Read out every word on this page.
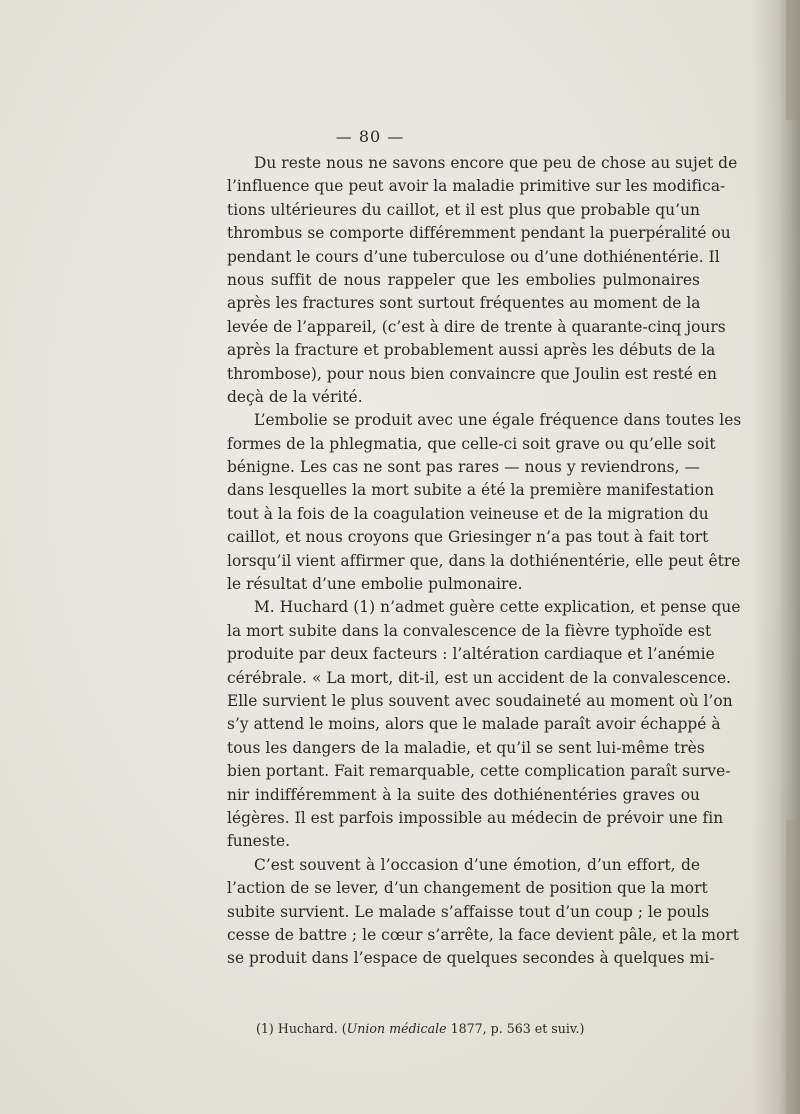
— 80 —
Du reste nous ne savons encore que peu de chose au sujet de
l’influence que peut avoir la maladie primitive sur les modifica-
tions ultérieures du caillot, et il est plus que probable qu’un
thrombus se comporte différemment pendant la puerpéralité ou
pendant le cours d’une tuberculose ou d’une dothiénentérie. Il
nous suffit de nous rappeler que les embolies pulmonaires
après les fractures sont surtout fréquentes au moment de la
levée de l’appareil, (c’est à dire de trente à quarante-cinq jours
après la fracture et probablement aussi après les débuts de la
thrombose), pour nous bien convaincre que Joulin est resté en
deçà de la vérité.
L’embolie se produit avec une égale fréquence dans toutes les
formes de la phlegmatia, que celle-ci soit grave ou qu’elle soit
bénigne. Les cas ne sont pas rares — nous y reviendrons, —
dans lesquelles la mort subite a été la première manifestation
tout à la fois de la coagulation veineuse et de la migration du
caillot, et nous croyons que Griesinger n’a pas tout à fait tort
lorsqu’il vient affirmer que, dans la dothiénentérie, elle peut être
le résultat d’une embolie pulmonaire.
M. Huchard (1) n’admet guère cette explication, et pense que
la mort subite dans la convalescence de la fièvre typhoïde est
produite par deux facteurs : l’altération cardiaque et l’anémie
cérébrale. « La mort, dit-il, est un accident de la convalescence.
Elle survient le plus souvent avec soudaineté au moment où l’on
s’y attend le moins, alors que le malade paraît avoir échappé à
tous les dangers de la maladie, et qu’il se sent lui-même très
bien portant. Fait remarquable, cette complication paraît surve-
nir indifféremment à la suite des dothiénentéries graves ou
légères. Il est parfois impossible au médecin de prévoir une fin
funeste.
C’est souvent à l’occasion d’une émotion, d’un effort, de
l’action de se lever, d’un changement de position que la mort
subite survient. Le malade s’affaisse tout d’un coup ; le pouls
cesse de battre ; le cœur s’arrête, la face devient pâle, et la mort
se produit dans l’espace de quelques secondes à quelques mi-
(1) Huchard. (Union médicale 1877, p. 563 et suiv.)
